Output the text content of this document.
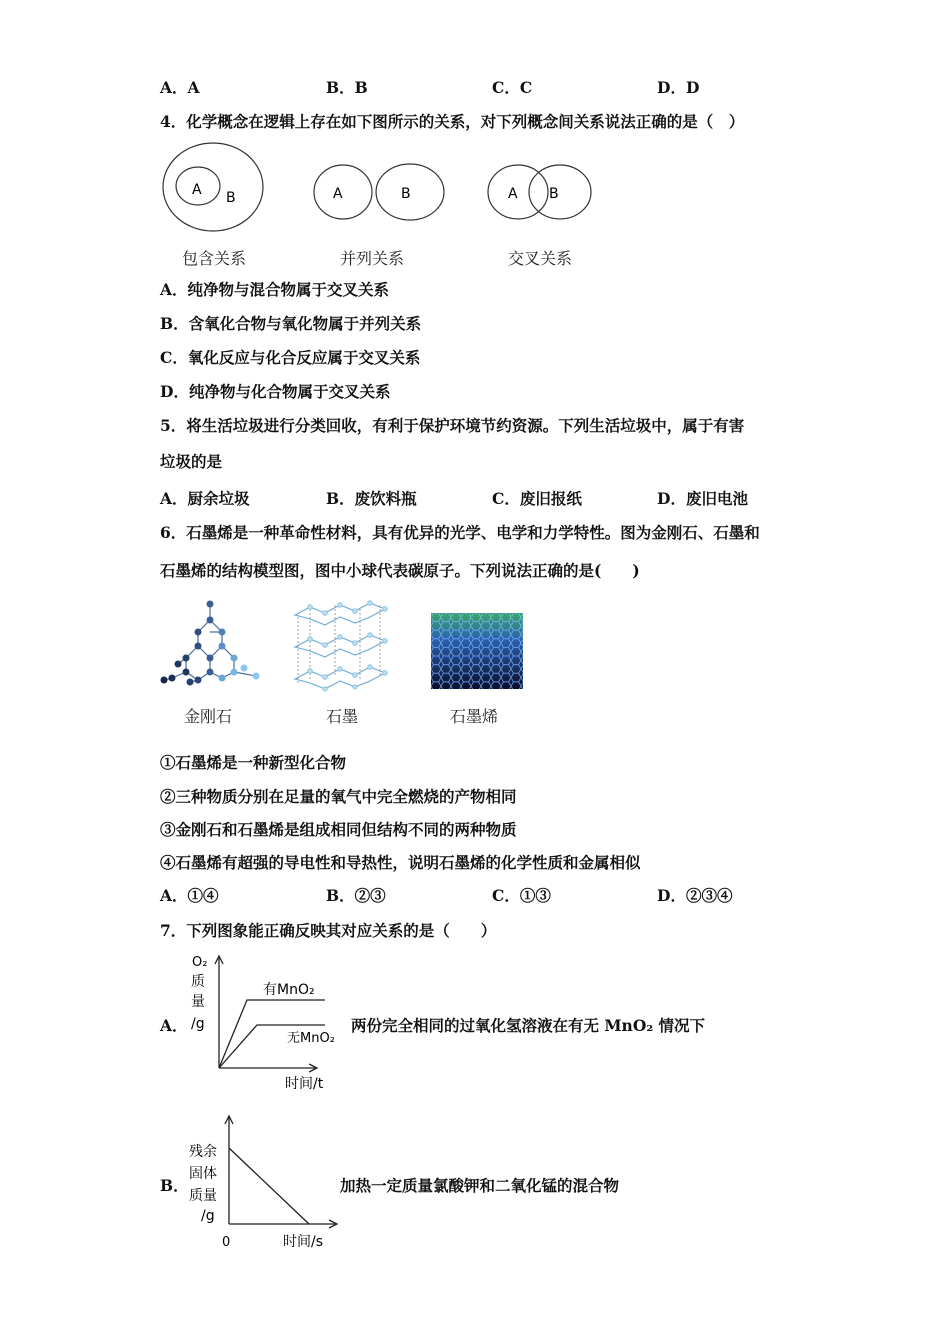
A．A	B．B	C．C	D．D
4．化学概念在逻辑上存在如下图所示的关系，对下列概念间关系说法正确的是（　）
A B	A	B	A B
包含关系	并列关系	交叉关系
A．纯净物与混合物属于交叉关系
B．含氧化合物与氧化物属于并列关系
C．氧化反应与化合反应属于交叉关系
D．纯净物与化合物属于交叉关系
5．将生活垃圾进行分类回收，有利于保护环境节约资源。下列生活垃圾中，属于有害
垃圾的是
A．厨余垃圾	B．废饮料瓶	C．废旧报纸	D．废旧电池
6．石墨烯是一种革命性材料，具有优异的光学、电学和力学特性。图为金刚石、石墨和
石墨烯的结构模型图，图中小球代表碳原子。下列说法正确的是(　　)
金刚石	石墨	石墨烯
①石墨烯是一种新型化合物
②三种物质分别在足量的氧气中完全燃烧的产物相同
③金刚石和石墨烯是组成相同但结构不同的两种物质
④石墨烯有超强的导电性和导热性，说明石墨烯的化学性质和金属相似
A．①④	B．②③	C．①③	D．②③④
7．下列图象能正确反映其对应关系的是（　　）
A．
O₂
质
量
/g
有MnO₂
无MnO₂
时间/t
两份完全相同的过氧化氢溶液在有无 MnO₂ 情况下
B．
残余
固体
质量
/g
0	时间/s
加热一定质量氯酸钾和二氧化锰的混合物
